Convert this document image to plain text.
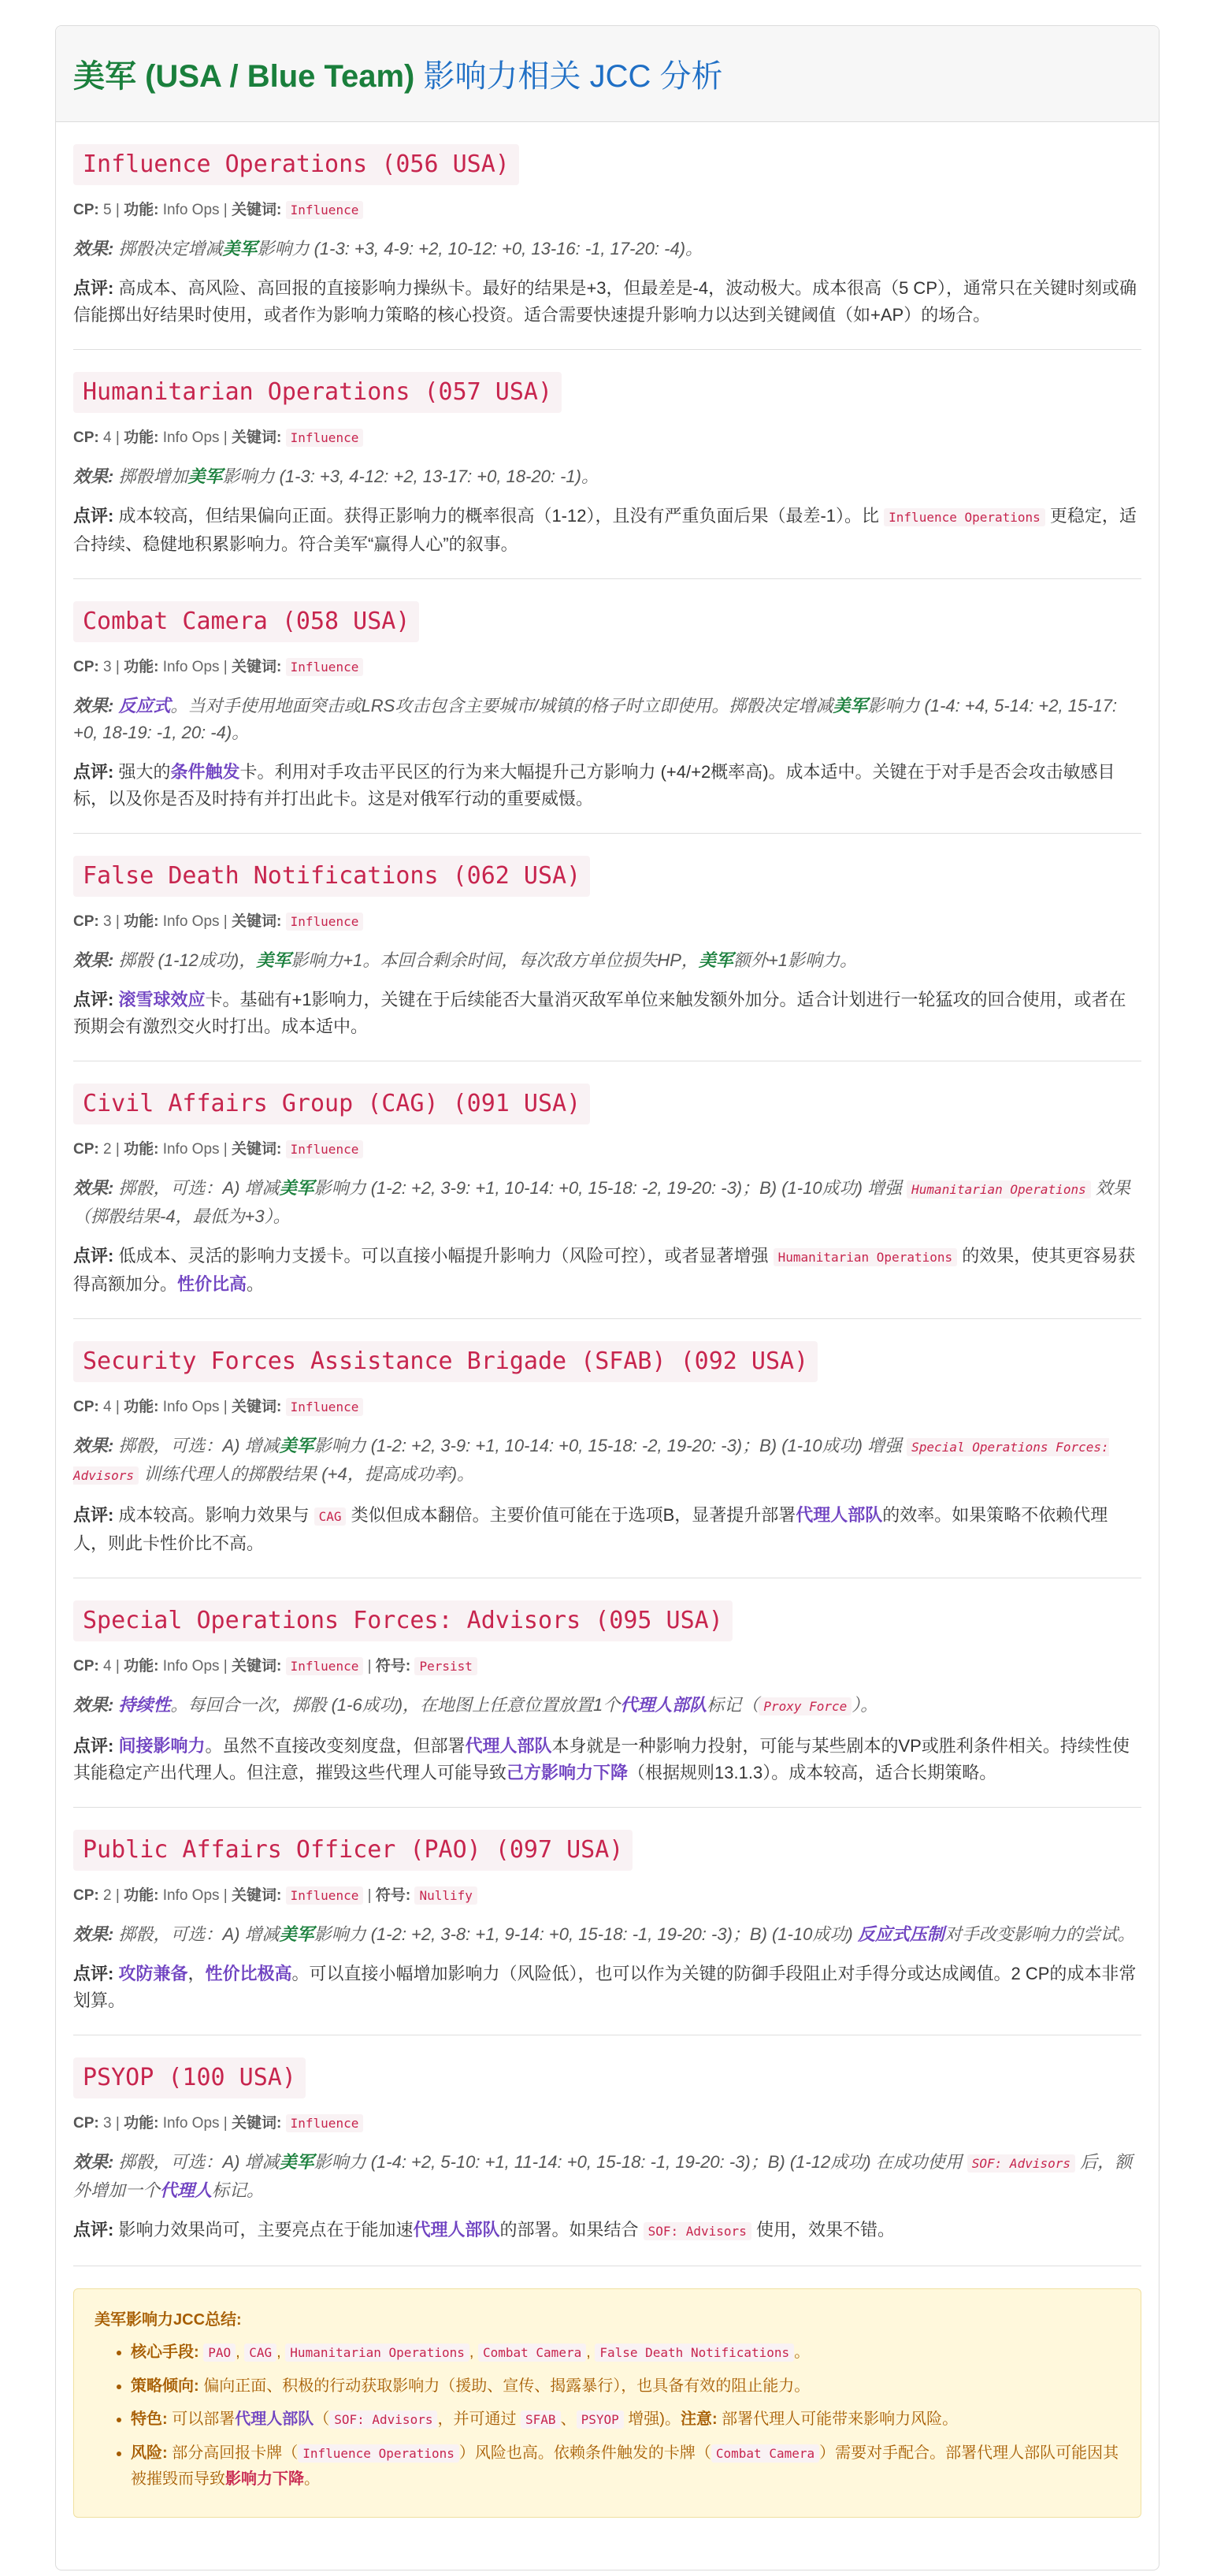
美军 (USA / Blue Team) 影响力相关 JCC 分析
Influence Operations (056 USA)
CP: 5 | 功能: Info Ops | 关键词: Influence

效果: 掷骰决定增减美军影响力 (1-3: +3, 4-9: +2, 10-12: +0, 13-16: -1, 17-20: -4)。

点评: 高成本、高风险、高回报的直接影响力操纵卡。最好的结果是+3，但最差是-4，波动极大。成本很高（5 CP），通常只在关键时刻或确信能掷出好结果时使用，或者作为影响力策略的核心投资。适合需要快速提升影响力以达到关键阈值（如+AP）的场合。

Humanitarian Operations (057 USA)
CP: 4 | 功能: Info Ops | 关键词: Influence

效果: 掷骰增加美军影响力 (1-3: +3, 4-12: +2, 13-17: +0, 18-20: -1)。

点评: 成本较高，但结果偏向正面。获得正影响力的概率很高（1-12），且没有严重负面后果（最差-1）。比 Influence Operations 更稳定，适合持续、稳健地积累影响力。符合美军“赢得人心”的叙事。

Combat Camera (058 USA)
CP: 3 | 功能: Info Ops | 关键词: Influence

效果: 反应式。当对手使用地面突击或LRS攻击包含主要城市/城镇的格子时立即使用。掷骰决定增减美军影响力 (1-4: +4, 5-14: +2, 15-17: +0, 18-19: -1, 20: -4)。

点评: 强大的条件触发卡。利用对手攻击平民区的行为来大幅提升己方影响力 (+4/+2概率高)。成本适中。关键在于对手是否会攻击敏感目标，以及你是否及时持有并打出此卡。这是对俄军行动的重要威慑。

False Death Notifications (062 USA)
CP: 3 | 功能: Info Ops | 关键词: Influence

效果: 掷骰 (1-12成功)，美军影响力+1。本回合剩余时间，每次敌方单位损失HP，美军额外+1影响力。

点评: 滚雪球效应卡。基础有+1影响力，关键在于后续能否大量消灭敌军单位来触发额外加分。适合计划进行一轮猛攻的回合使用，或者在预期会有激烈交火时打出。成本适中。

Civil Affairs Group (CAG) (091 USA)
CP: 2 | 功能: Info Ops | 关键词: Influence

效果: 掷骰，可选：A) 增减美军影响力 (1-2: +2, 3-9: +1, 10-14: +0, 15-18: -2, 19-20: -3)；B) (1-10成功) 增强 Humanitarian Operations 效果（掷骰结果-4，最低为+3）。

点评: 低成本、灵活的影响力支援卡。可以直接小幅提升影响力（风险可控），或者显著增强 Humanitarian Operations 的效果，使其更容易获得高额加分。性价比高。

Security Forces Assistance Brigade (SFAB) (092 USA)
CP: 4 | 功能: Info Ops | 关键词: Influence

效果: 掷骰，可选：A) 增减美军影响力 (1-2: +2, 3-9: +1, 10-14: +0, 15-18: -2, 19-20: -3)；B) (1-10成功) 增强 Special Operations Forces: Advisors 训练代理人的掷骰结果 (+4，提高成功率)。

点评: 成本较高。影响力效果与 CAG 类似但成本翻倍。主要价值可能在于选项B，显著提升部署代理人部队的效率。如果策略不依赖代理人，则此卡性价比不高。

Special Operations Forces: Advisors (095 USA)
CP: 4 | 功能: Info Ops | 关键词: Influence | 符号: Persist

效果: 持续性。每回合一次，掷骰 (1-6成功)，在地图上任意位置放置1个代理人部队标记（ Proxy Force ）。

点评: 间接影响力。虽然不直接改变刻度盘，但部署代理人部队本身就是一种影响力投射，可能与某些剧本的VP或胜利条件相关。持续性使其能稳定产出代理人。但注意，摧毁这些代理人可能导致己方影响力下降（根据规则13.1.3）。成本较高，适合长期策略。

Public Affairs Officer (PAO) (097 USA)
CP: 2 | 功能: Info Ops | 关键词: Influence | 符号: Nullify

效果: 掷骰，可选：A) 增减美军影响力 (1-2: +2, 3-8: +1, 9-14: +0, 15-18: -1, 19-20: -3)；B) (1-10成功) 反应式压制对手改变影响力的尝试。

点评: 攻防兼备，性价比极高。可以直接小幅增加影响力（风险低），也可以作为关键的防御手段阻止对手得分或达成阈值。2 CP的成本非常划算。

PSYOP (100 USA)
CP: 3 | 功能: Info Ops | 关键词: Influence

效果: 掷骰，可选：A) 增减美军影响力 (1-4: +2, 5-10: +1, 11-14: +0, 15-18: -1, 19-20: -3)；B) (1-12成功) 在成功使用 SOF: Advisors 后，额外增加一个代理人标记。

点评: 影响力效果尚可，主要亮点在于能加速代理人部队的部署。如果结合 SOF: Advisors 使用，效果不错。

美军影响力JCC总结:
• 核心手段: PAO , CAG , Humanitarian Operations , Combat Camera , False Death Notifications 。
• 策略倾向: 偏向正面、积极的行动获取影响力（援助、宣传、揭露暴行），也具备有效的阻止能力。
• 特色: 可以部署代理人部队（ SOF: Advisors ，并可通过 SFAB 、 PSYOP 增强)。注意: 部署代理人可能带来影响力风险。
• 风险: 部分高回报卡牌（ Influence Operations ）风险也高。依赖条件触发的卡牌（ Combat Camera ）需要对手配合。部署代理人部队可能因其被摧毁而导致影响力下降。
